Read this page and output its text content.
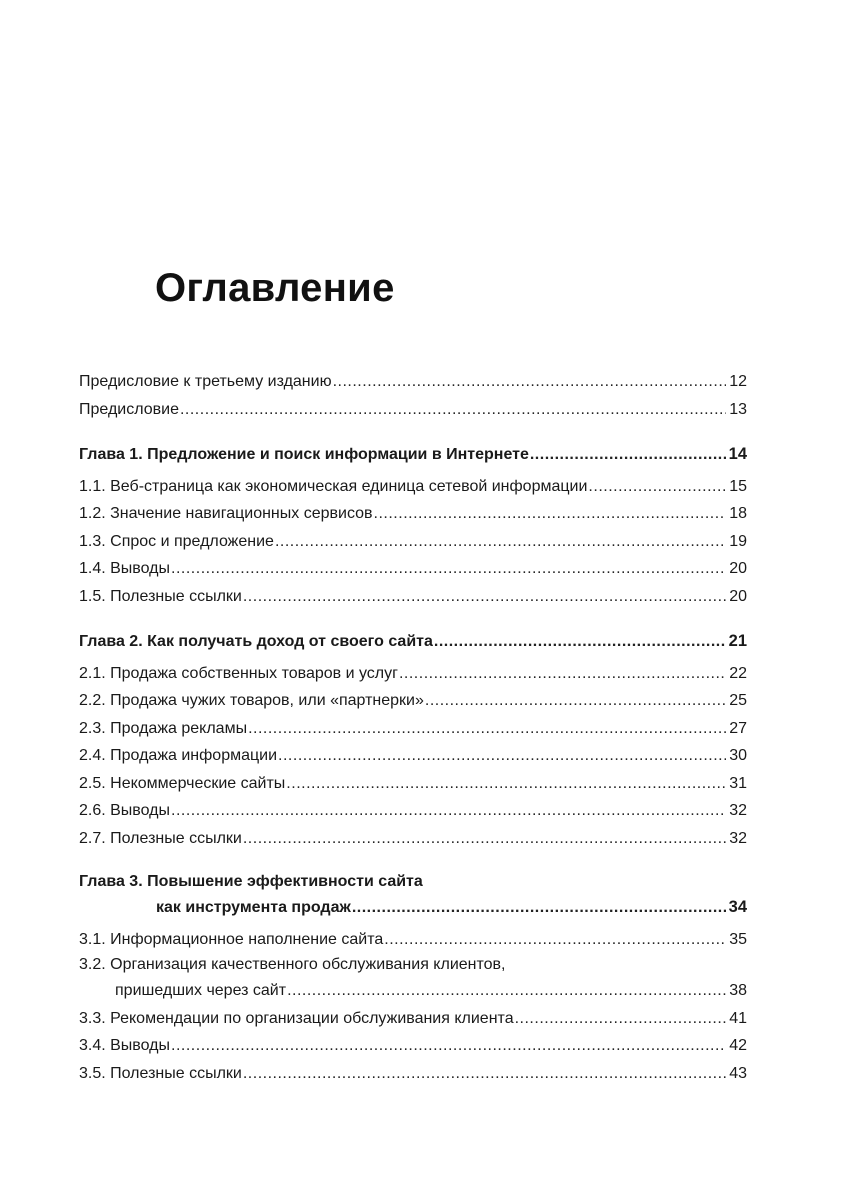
Оглавление
Предисловие к третьему изданию .....	12
Предисловие .....	13
Глава 1. Предложение и поиск информации в Интернете .....	14
1.1. Веб-страница как экономическая единица сетевой информации .....	15
1.2. Значение навигационных сервисов .....	18
1.3. Спрос и предложение .....	19
1.4. Выводы .....	20
1.5. Полезные ссылки .....	20
Глава 2. Как получать доход от своего сайта .....	21
2.1. Продажа собственных товаров и услуг .....	22
2.2. Продажа чужих товаров, или «партнерки» .....	25
2.3. Продажа рекламы .....	27
2.4. Продажа информации .....	30
2.5. Некоммерческие сайты .....	31
2.6. Выводы .....	32
2.7. Полезные ссылки .....	32
Глава 3. Повышение эффективности сайта
как инструмента продаж .....	34
3.1. Информационное наполнение сайта .....	35
3.2. Организация качественного обслуживания клиентов,
пришедших через сайт .....	38
3.3. Рекомендации по организации обслуживания клиента .....	41
3.4. Выводы .....	42
3.5. Полезные ссылки .....	43
